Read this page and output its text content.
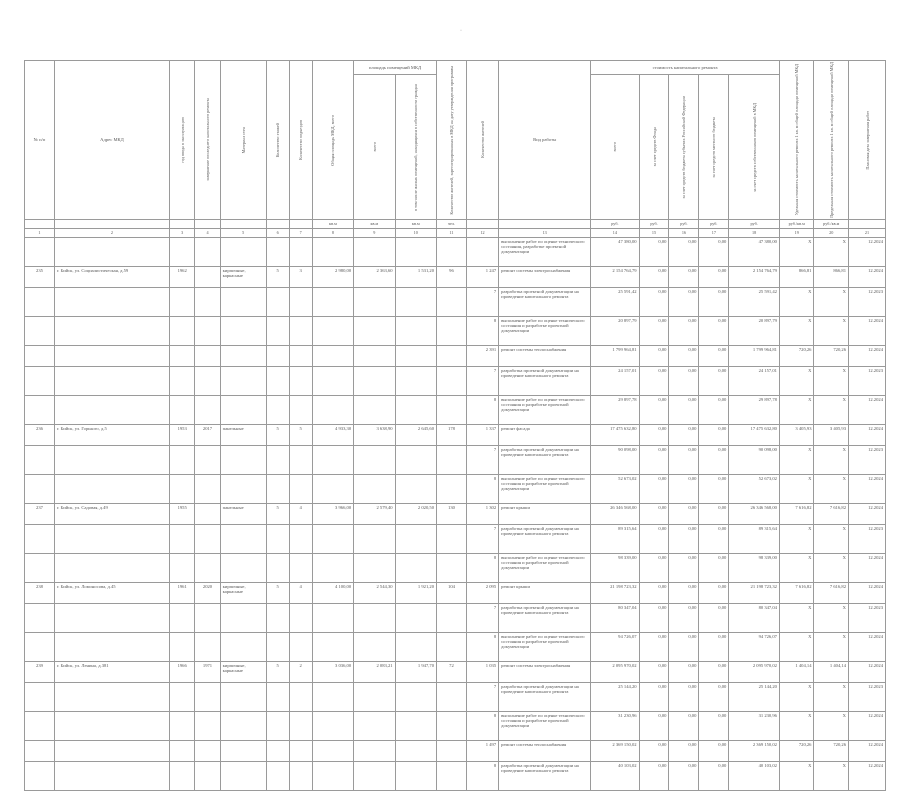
·
№ п/п	Адрес МКД	год ввода в эксплуатацию	завершение последнего капитального ремонта	Материал стен	Количество этажей	Количество подъездов	Общая площадь МКД, всего	площадь помещений МКД		Количество жителей, зарегистрированных в МКД на дату утверждения программы	Количество жителей	Вид работы	стоимость капитального ремонта					Удельная стоимость капитального ремонта 1 кв. м общей площади помещений МКД	Предельная стоимость капитального ремонта 1 кв. м общей площади помещений МКД	Плановая дата завершения работ

								всего	в том числе жилых помещений, находящихся в собственности граждан				всего	за счет средств Фонда	за счет средств бюджета субъекта Российской Федерации	за счет средств местного бюджета	за счет средств собственников помещений в МКД			

							кв.м	кв.м	кв.м	чел.			руб.	руб.	руб.	руб.	руб.	руб./кв.м	руб./кв.м	
1	2	3	4	5	6	7	8	9	10	11	12	13	14	15	16	17	18	19	20	21
												выполнение работ по оценке технического состояния, разработке проектной документации	47 380,00	0,00	0,00	0,00	47 380,00	Х	Х	12.2024
235	г. Бийск, ул. Социалистическая, д.59	1962		кирпичные, каркасные	5	3	2 980,00	2 363,60	1 531,20	96	1 247	ремонт системы электроснабжения	2 154 764,79	0,00	0,00	0,00	2 154 764,79	866,81	866,81	12.2024
											7	разработка проектной документации на проведение капитального ремонта	25 591,42	0,00	0,00	0,00	25 591,42	Х	Х	12.2023
											8	выполнение работ по оценке технического состояния и разработке проектной документации	20 897,79	0,00	0,00	0,00	20 897,79	Х	Х	12.2024
											2 391	ремонт системы теплоснабжения	1 799 964,81	0,00	0,00	0,00	1 799 964,81	720,26	720,26	12.2024
											7	разработка проектной документации на проведение капитального ремонта	24 157,01	0,00	0,00	0,00	24 157,01	Х	Х	12.2023
											8	выполнение работ по оценке технического состояния и разработке проектной документации	29 897,78	0,00	0,00	0,00	29 897,78	Х	Х	12.2024
236	г. Бийск, ул. Горького, д.5	1953	2017	панельные	5	5	4 933,30	3 638,90	2 645,60	178	1 337	ремонт фасада	17 475 632,80	0,00	0,00	0,00	17 475 632,80	3 405,93	3 405,93	12.2024
											7	разработка проектной документации на проведение капитального ремонта	90 098,00	0,00	0,00	0,00	90 098,00	Х	Х	12.2023
											8	выполнение работ по оценке технического состояния и разработке проектной документации	52 673,02	0,00	0,00	0,00	52 673,02	Х	Х	12.2024
237	г. Бийск, ул. Садовая, д.49	1955		панельные	5	4	3 966,00	2 579,40	2 020,50	130	1 302	ремонт крыши	26 346 568,00	0,00	0,00	0,00	26 346 568,00	7 616,82	7 616,82	12.2024
											7	разработка проектной документации на проведение капитального ремонта	89 315,64	0,00	0,00	0,00	89 315,64	Х	Х	12.2023
											8	выполнение работ по оценке технического состояния и разработке проектной документации	98 339,00	0,00	0,00	0,00	98 339,00	Х	Х	12.2024
238	г. Бийск, ул. Ломоносова, д.45	1961	2020	кирпичные, каркасные	5	4	4 100,00	2 544,30	1 921,20	104	2 095	ремонт крыши	21 198 723,32	0,00	0,00	0,00	21 198 723,32	7 616,82	7 616,82	12.2024
											7	разработка проектной документации на проведение капитального ремонта	80 347,04	0,00	0,00	0,00	80 347,04	Х	Х	12.2023
											8	выполнение работ по оценке технического состояния и разработке проектной документации	94 726,07	0,00	0,00	0,00	94 726,07	Х	Х	12.2024
239	г. Бийск, ул. Ленина, д.381	1966	1971	кирпичные, каркасные	5	2	3 036,00	2 083,21	1 947,70	72	1 035	ремонт системы электроснабжения	2 095 970,02	0,00	0,00	0,00	2 095 970,02	1 404,14	1 404,14	12.2024
											7	разработка проектной документации на проведение капитального ремонта	25 144,20	0,00	0,00	0,00	25 144,20	Х	Х	12.2023
											8	выполнение работ по оценке технического состояния и разработке проектной документации	31 230,96	0,00	0,00	0,00	31 230,96	Х	Х	12.2024
											1 497	ремонт системы теплоснабжения	2 369 150,02	0,00	0,00	0,00	2 369 150,02	720,26	720,26	12.2024
											8	разработка проектной документации на проведение капитального ремонта	40 103,02	0,00	0,00	0,00	40 103,02	Х	Х	12.2024
